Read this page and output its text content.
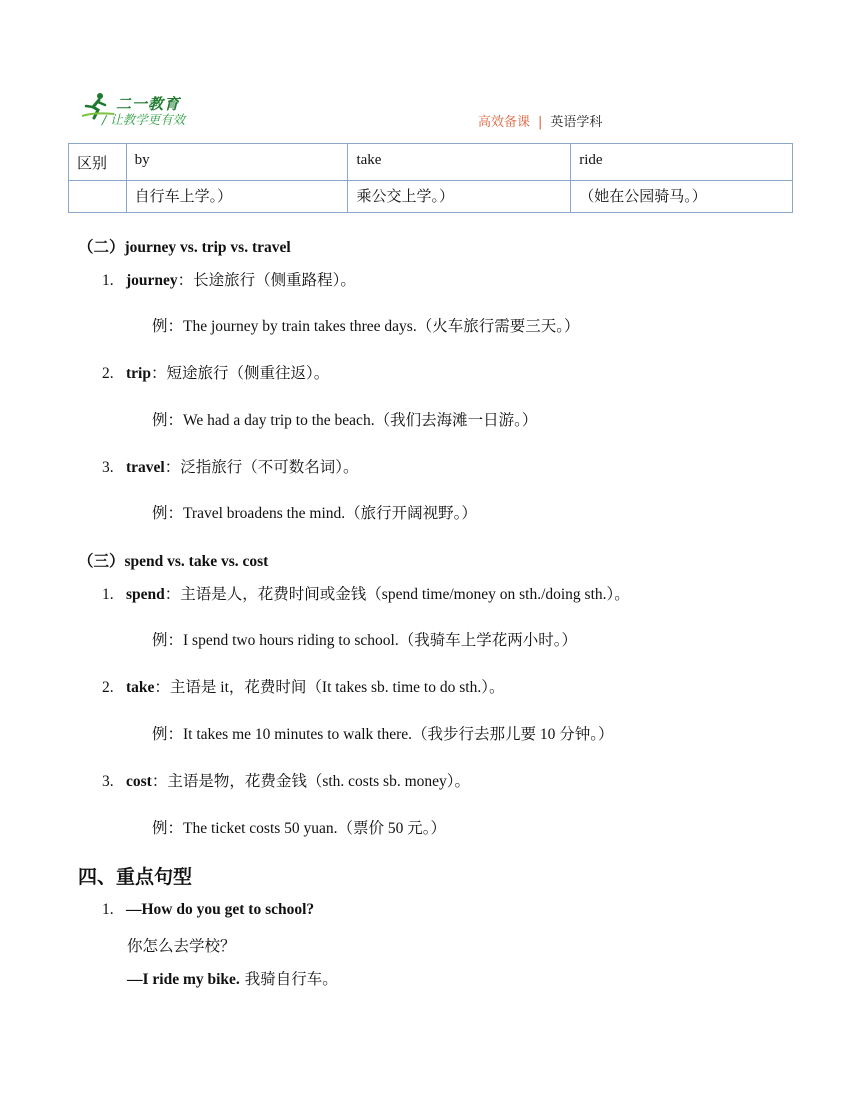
二一教育
/ 让教学更有效	高效备课 | 英语学科
区别	by	take	ride
	自行车上学。）	乘公交上学。）	（她在公园骑马。）
（二）journey vs. trip vs. travel
1. journey：长途旅行（侧重路程）。
例：The journey by train takes three days.（火车旅行需要三天。）
2. trip：短途旅行（侧重往返）。
例：We had a day trip to the beach.（我们去海滩一日游。）
3. travel：泛指旅行（不可数名词）。
例：Travel broadens the mind.（旅行开阔视野。）
（三）spend vs. take vs. cost
1. spend：主语是人，花费时间或金钱（spend time/money on sth./doing sth.）。
例：I spend two hours riding to school.（我骑车上学花两小时。）
2. take：主语是 it，花费时间（It takes sb. time to do sth.）。
例：It takes me 10 minutes to walk there.（我步行去那儿要 10 分钟。）
3. cost：主语是物，花费金钱（sth. costs sb. money）。
例：The ticket costs 50 yuan.（票价 50 元。）
四、重点句型
1. —How do you get to school?
你怎么去学校？
—I ride my bike. 我骑自行车。
